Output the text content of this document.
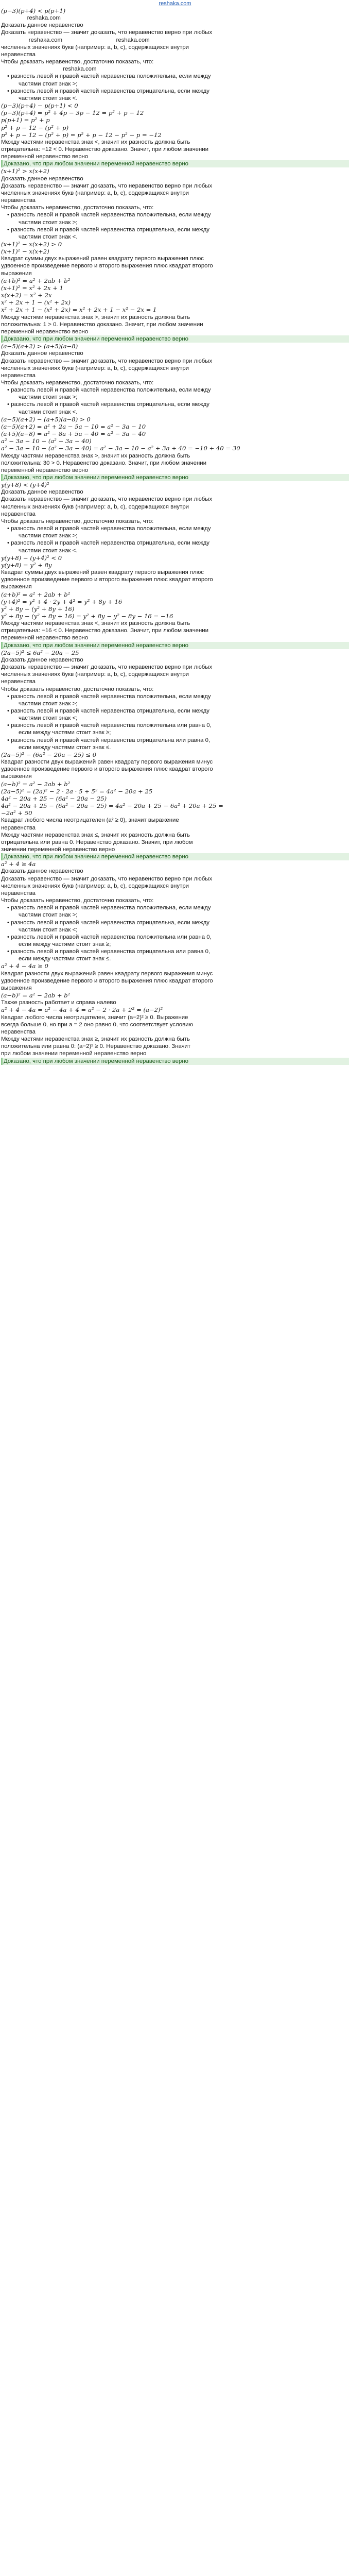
reshaka.com
(p−3)(p+4) < p(p+1)
reshaka.com
Доказать данное неравенство
Доказать неравенство — значит доказать, что неравенство верно при любых
reshaka.com                                 reshaka.com
численных значениях букв (например: a, b, c), содержащихся внутри
неравенства
Чтобы доказать неравенство, достаточно показать, что:
reshaka.com
• разность левой и правой частей неравенства положительна, если между
частями стоит знак >;
• разность левой и правой частей неравенства отрицательна, если между
частями стоит знак <.
(p−3)(p+4) − p(p+1) < 0
(p−3)(p+4) = p² + 4p − 3p − 12 = p² + p − 12
p(p+1) = p² + p
p² + p − 12 − (p² + p)
p² + p − 12 − (p² + p) = p² + p − 12 − p² − p = −12
Между частями неравенства знак <, значит их разность должна быть
отрицательна: −12 < 0. Неравенство доказано. Значит, при любом значении
переменной неравенство верно
Доказано, что при любом значении переменной неравенство верно
(x+1)² > x(x+2)
Доказать данное неравенство
Доказать неравенство — значит доказать, что неравенство верно при любых
численных значениях букв (например: a, b, c), содержащихся внутри
неравенства
Чтобы доказать неравенство, достаточно показать, что:
• разность левой и правой частей неравенства положительна, если между
частями стоит знак >;
• разность левой и правой частей неравенства отрицательна, если между
частями стоит знак <.
(x+1)² − x(x+2) > 0
(x+1)² − x(x+2)
Квадрат суммы двух выражений равен квадрату первого выражения плюс
удвоенное произведение первого и второго выражения плюс квадрат второго
выражения
(a+b)² = a² + 2ab + b²
(x+1)² = x² + 2x + 1
x(x+2) = x² + 2x
x² + 2x + 1 − (x² + 2x)
x² + 2x + 1 − (x² + 2x) = x² + 2x + 1 − x² − 2x = 1
Между частями неравенства знак >, значит их разность должна быть
положительна: 1 > 0. Неравенство доказано. Значит, при любом значении
переменной неравенство верно
Доказано, что при любом значении переменной неравенство верно
(a−5)(a+2) > (a+5)(a−8)
Доказать данное неравенство
Доказать неравенство — значит доказать, что неравенство верно при любых
численных значениях букв (например: a, b, c), содержащихся внутри
неравенства
Чтобы доказать неравенство, достаточно показать, что:
• разность левой и правой частей неравенства положительна, если между
частями стоит знак >;
• разность левой и правой частей неравенства отрицательна, если между
частями стоит знак <.
(a−5)(a+2) − (a+5)(a−8) > 0
(a−5)(a+2) = a² + 2a − 5a − 10 = a² − 3a − 10
(a+5)(a−8) = a² − 8a + 5a − 40 = a² − 3a − 40
a² − 3a − 10 − (a² − 3a − 40)
a² − 3a − 10 − (a² − 3a − 40) = a² − 3a − 10 − a² + 3a + 40 = −10 + 40 = 30
Между частями неравенства знак >, значит их разность должна быть
положительна: 30 > 0. Неравенство доказано. Значит, при любом значении
переменной неравенство верно
Доказано, что при любом значении переменной неравенство верно
y(y+8) < (y+4)²
Доказать данное неравенство
Доказать неравенство — значит доказать, что неравенство верно при любых
численных значениях букв (например: a, b, c), содержащихся внутри
неравенства
Чтобы доказать неравенство, достаточно показать, что:
• разность левой и правой частей неравенства положительна, если между
частями стоит знак >;
• разность левой и правой частей неравенства отрицательна, если между
частями стоит знак <.
y(y+8) − (y+4)² < 0
y(y+8) = y² + 8y
Квадрат суммы двух выражений равен квадрату первого выражения плюс
удвоенное произведение первого и второго выражения плюс квадрат второго
выражения
(a+b)² = a² + 2ab + b²
(y+4)² = y² + 4 · 2y + 4² = y² + 8y + 16
y² + 8y − (y² + 8y + 16)
y² + 8y − (y² + 8y + 16) = y² + 8y − y² − 8y − 16 = −16
Между частями неравенства знак <, значит их разность должна быть
отрицательна: −16 < 0. Неравенство доказано. Значит, при любом значении
переменной неравенство верно
Доказано, что при любом значении переменной неравенство верно
(2a−5)² ≤ 6a² − 20a − 25
Доказать данное неравенство
Доказать неравенство — значит доказать, что неравенство верно при любых
численных значениях букв (например: a, b, c), содержащихся внутри
неравенства
Чтобы доказать неравенство, достаточно показать, что:
• разность левой и правой частей неравенства положительна, если между
частями стоит знак >;
• разность левой и правой частей неравенства отрицательна, если между
частями стоит знак <;
• разность левой и правой частей неравенства положительна или равна 0,
если между частями стоит знак ≥;
• разность левой и правой частей неравенства отрицательна или равна 0,
если между частями стоит знак ≤.
(2a−5)² − (6a² − 20a − 25) ≤ 0
Квадрат разности двух выражений равен квадрату первого выражения минус
удвоенное произведение первого и второго выражения плюс квадрат второго
выражения
(a−b)² = a² − 2ab + b²
(2a−5)² = (2a)² − 2 · 2a · 5 + 5² = 4a² − 20a + 25
4a² − 20a + 25 − (6a² − 20a − 25)
4a² − 20a + 25 − (6a² − 20a − 25) = 4a² − 20a + 25 − 6a² + 20a + 25 =
−2a² + 50
Квадрат любого числа неотрицателен (a² ≥ 0), значит выражение
неравенства
Между частями неравенства знак ≤, значит их разность должна быть
отрицательна или равна 0. Неравенство доказано. Значит, при любом
значении переменной неравенство верно
Доказано, что при любом значении переменной неравенство верно
a² + 4 ≥ 4a
Доказать данное неравенство
Доказать неравенство — значит доказать, что неравенство верно при любых
численных значениях букв (например: a, b, c), содержащихся внутри
неравенства
Чтобы доказать неравенство, достаточно показать, что:
• разность левой и правой частей неравенства положительна, если между
частями стоит знак >;
• разность левой и правой частей неравенства отрицательна, если между
частями стоит знак <;
• разность левой и правой частей неравенства положительна или равна 0,
если между частями стоит знак ≥;
• разность левой и правой частей неравенства отрицательна или равна 0,
если между частями стоит знак ≤.
a² + 4 − 4a ≥ 0
Квадрат разности двух выражений равен квадрату первого выражения минус
удвоенное произведение первого и второго выражения плюс квадрат второго
выражения
(a−b)² = a² − 2ab + b²
Также разность работает и справа налево
a² + 4 − 4a = a² − 4a + 4 = a² − 2 · 2a + 2² = (a−2)²
Квадрат любого числа неотрицателен, значит (a−2)² ≥ 0. Выражение
всегда больше 0, но при a = 2 оно равно 0, что соответствует условию
неравенства
Между частями неравенства знак ≥, значит их разность должна быть
положительна или равна 0: (a−2)² ≥ 0. Неравенство доказано. Значит
при любом значении переменной неравенство верно
Доказано, что при любом значении переменной неравенство верно
